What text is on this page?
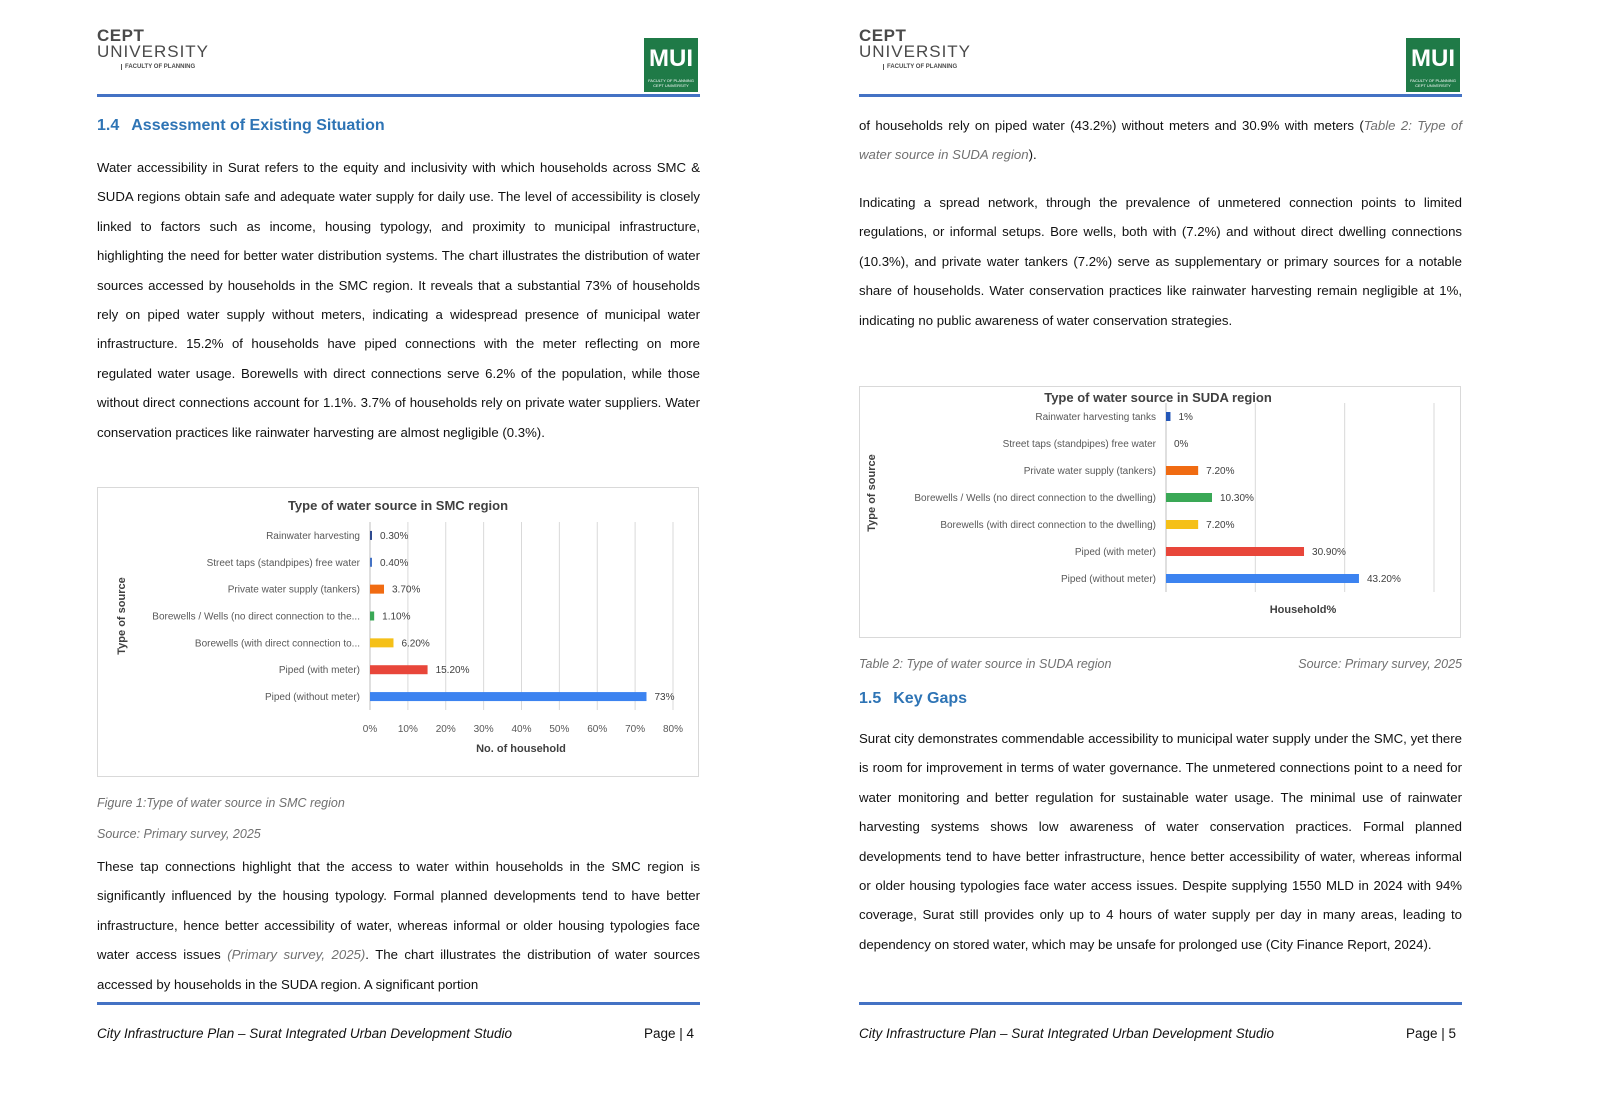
CEPT
UNIVERSITY
FACULTY OF PLANNING	MUI
FACULTY OF PLANNING
CEPT UNIVERSITY
1.4 Assessment of Existing Situation
Water accessibility in Surat refers to the equity and inclusivity with which households across SMC & SUDA regions obtain safe and adequate water supply for daily use. The level of accessibility is closely linked to factors such as income, housing typology, and proximity to municipal infrastructure, highlighting the need for better water distribution systems. The chart illustrates the distribution of water sources accessed by households in the SMC region. It reveals that a substantial 73% of households rely on piped water supply without meters, indicating a widespread presence of municipal water infrastructure. 15.2% of households have piped connections with the meter reflecting on more regulated water usage. Borewells with direct connections serve 6.2% of the population, while those without direct connections account for 1.1%. 3.7% of households rely on private water suppliers. Water conservation practices like rainwater harvesting are almost negligible (0.3%).
Type of water source in SMC region
0% 10% 20% 30% 40% 50% 60% 70% 80%
Rainwater harvesting 0.30%
Street taps (standpipes) free water 0.40%
Private water supply (tankers)	3.70%
Borewells / Wells (no direct connection to the... 1.10%
Borewells (with direct connection to...	6.20%
Piped (with meter)	15.20%
Piped (without meter)	73%
No. of household
Type of source
Figure 1:Type of water source in SMC region
Source: Primary survey, 2025
These tap connections highlight that the access to water within households in the SMC region is significantly influenced by the housing typology. Formal planned developments tend to have better infrastructure, hence better accessibility of water, whereas informal or older housing typologies face water access issues (Primary survey, 2025). The chart illustrates the distribution of water sources accessed by households in the SUDA region. A significant portion
City Infrastructure Plan – Surat Integrated Urban Development Studio	Page | 4
CEPT
UNIVERSITY
FACULTY OF PLANNING	MUI
FACULTY OF PLANNING
CEPT UNIVERSITY
of households rely on piped water (43.2%) without meters and 30.9% with meters (Table 2: Type of water source in SUDA region).
Indicating a spread network, through the prevalence of unmetered connection points to limited regulations, or informal setups. Bore wells, both with (7.2%) and without direct dwelling connections (10.3%), and private water tankers (7.2%) serve as supplementary or primary sources for a notable share of households. Water conservation practices like rainwater harvesting remain negligible at 1%, indicating no public awareness of water conservation strategies.
Type of water source in SUDA region
Rainwater harvesting tanks 1%
Street taps (standpipes) free water 0%
Private water supply (tankers)	7.20%
Borewells / Wells (no direct connection to the dwelling)	10.30%
Borewells (with direct connection to the dwelling)	7.20%
Piped (with meter)	30.90%
Piped (without meter)	43.20%
Household%
Type of source
Table 2: Type of water source in SUDA region	Source: Primary survey, 2025
1.5 Key Gaps
Surat city demonstrates commendable accessibility to municipal water supply under the SMC, yet there is room for improvement in terms of water governance. The unmetered connections point to a need for water monitoring and better regulation for sustainable water usage. The minimal use of rainwater harvesting systems shows low awareness of water conservation practices. Formal planned developments tend to have better infrastructure, hence better accessibility of water, whereas informal or older housing typologies face water access issues. Despite supplying 1550 MLD in 2024 with 94% coverage, Surat still provides only up to 4 hours of water supply per day in many areas, leading to dependency on stored water, which may be unsafe for prolonged use (City Finance Report, 2024).
City Infrastructure Plan – Surat Integrated Urban Development Studio	Page | 5
